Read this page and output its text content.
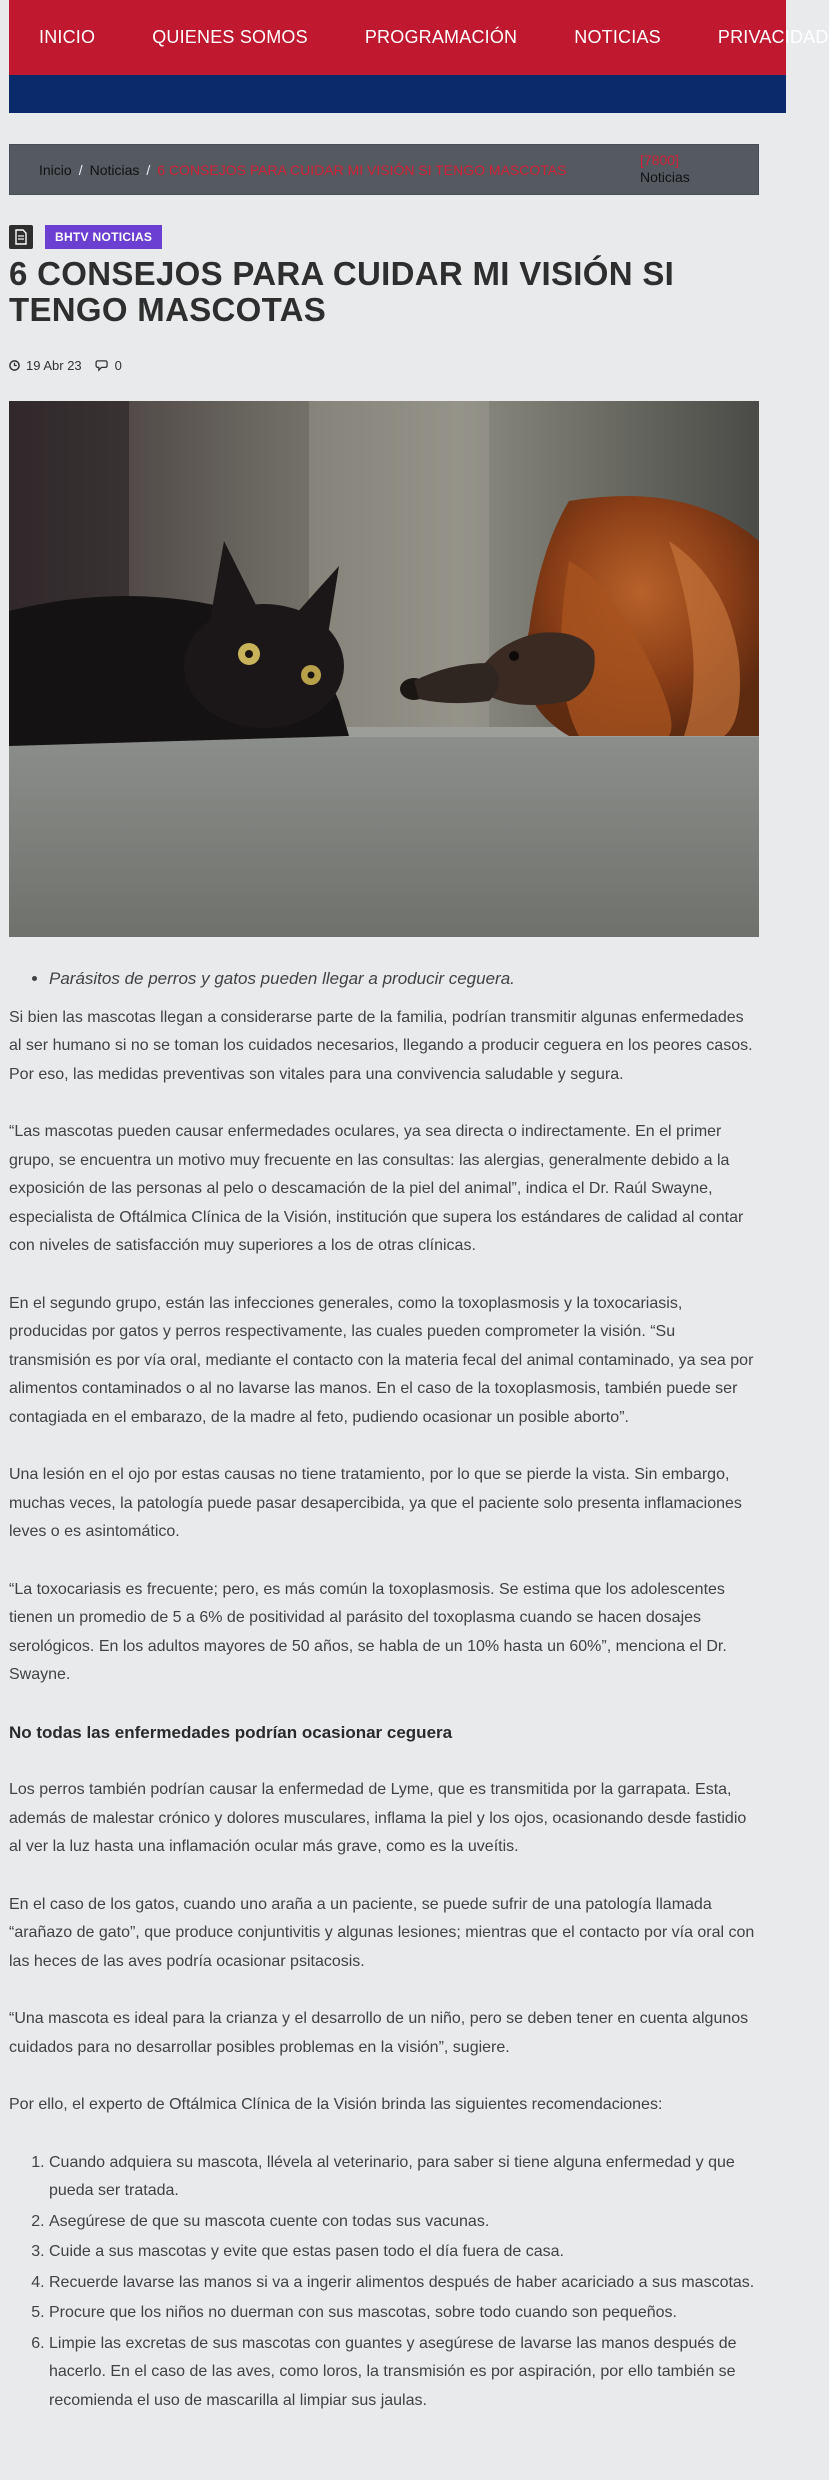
INICIO	QUIENES SOMOS	PROGRAMACIÓN	NOTICIAS	PRIVACIDAD
Inicio / Noticias / 6 CONSEJOS PARA CUIDAR MI VISIÓN SI TENGO MASCOTAS
[7800]
Noticias
BHTV NOTICIAS
6 CONSEJOS PARA CUIDAR MI VISIÓN SI TENGO MASCOTAS
19 Abr 23	0
• Parásitos de perros y gatos pueden llegar a producir ceguera.

Si bien las mascotas llegan a considerarse parte de la familia, podrían transmitir algunas enfermedades al ser humano si no se toman los cuidados necesarios, llegando a producir ceguera en los peores casos. Por eso, las medidas preventivas son vitales para una convivencia saludable y segura.

“Las mascotas pueden causar enfermedades oculares, ya sea directa o indirectamente. En el primer grupo, se encuentra un motivo muy frecuente en las consultas: las alergias, generalmente debido a la exposición de las personas al pelo o descamación de la piel del animal”, indica el Dr. Raúl Swayne, especialista de Oftálmica Clínica de la Visión, institución que supera los estándares de calidad al contar con niveles de satisfacción muy superiores a los de otras clínicas.

En el segundo grupo, están las infecciones generales, como la toxoplasmosis y la toxocariasis, producidas por gatos y perros respectivamente, las cuales pueden comprometer la visión. “Su transmisión es por vía oral, mediante el contacto con la materia fecal del animal contaminado, ya sea por alimentos contaminados o al no lavarse las manos. En el caso de la toxoplasmosis, también puede ser contagiada en el embarazo, de la madre al feto, pudiendo ocasionar un posible aborto”.

Una lesión en el ojo por estas causas no tiene tratamiento, por lo que se pierde la vista. Sin embargo, muchas veces, la patología puede pasar desapercibida, ya que el paciente solo presenta inflamaciones leves o es asintomático.

“La toxocariasis es frecuente; pero, es más común la toxoplasmosis. Se estima que los adolescentes tienen un promedio de 5 a 6% de positividad al parásito del toxoplasma cuando se hacen dosajes serológicos. En los adultos mayores de 50 años, se habla de un 10% hasta un 60%”, menciona el Dr. Swayne.

No todas las enfermedades podrían ocasionar ceguera

Los perros también podrían causar la enfermedad de Lyme, que es transmitida por la garrapata. Esta, además de malestar crónico y dolores musculares, inflama la piel y los ojos, ocasionando desde fastidio al ver la luz hasta una inflamación ocular más grave, como es la uveítis.

En el caso de los gatos, cuando uno araña a un paciente, se puede sufrir de una patología llamada “arañazo de gato”, que produce conjuntivitis y algunas lesiones; mientras que el contacto por vía oral con las heces de las aves podría ocasionar psitacosis.

“Una mascota es ideal para la crianza y el desarrollo de un niño, pero se deben tener en cuenta algunos cuidados para no desarrollar posibles problemas en la visión”, sugiere.

Por ello, el experto de Oftálmica Clínica de la Visión brinda las siguientes recomendaciones:

1. Cuando adquiera su mascota, llévela al veterinario, para saber si tiene alguna enfermedad y que pueda ser tratada.
2. Asegúrese de que su mascota cuente con todas sus vacunas.
3. Cuide a sus mascotas y evite que estas pasen todo el día fuera de casa.
4. Recuerde lavarse las manos si va a ingerir alimentos después de haber acariciado a sus mascotas.
5. Procure que los niños no duerman con sus mascotas, sobre todo cuando son pequeños.
6. Limpie las excretas de sus mascotas con guantes y asegúrese de lavarse las manos después de hacerlo. En el caso de las aves, como loros, la transmisión es por aspiración, por ello también se recomienda el uso de mascarilla al limpiar sus jaulas.
